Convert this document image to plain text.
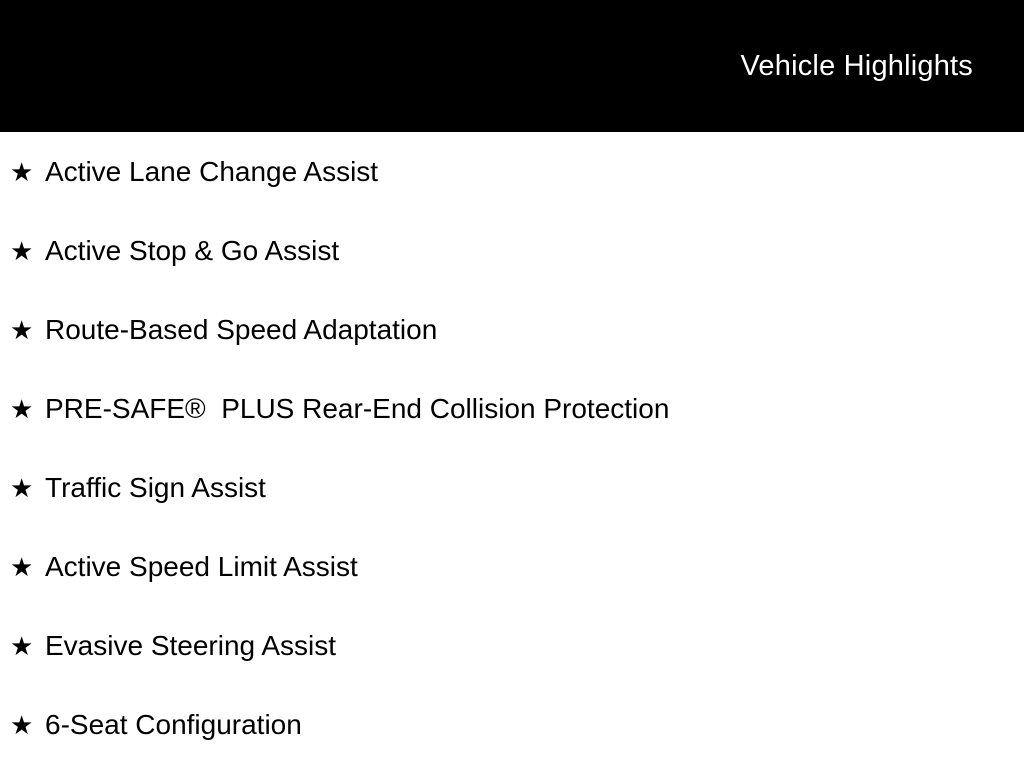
Vehicle Highlights
★ Active Lane Change Assist
★ Active Stop & Go Assist
★ Route-Based Speed Adaptation
★ PRE-SAFE®  PLUS Rear-End Collision Protection
★ Traffic Sign Assist
★ Active Speed Limit Assist
★ Evasive Steering Assist
★ 6-Seat Configuration
